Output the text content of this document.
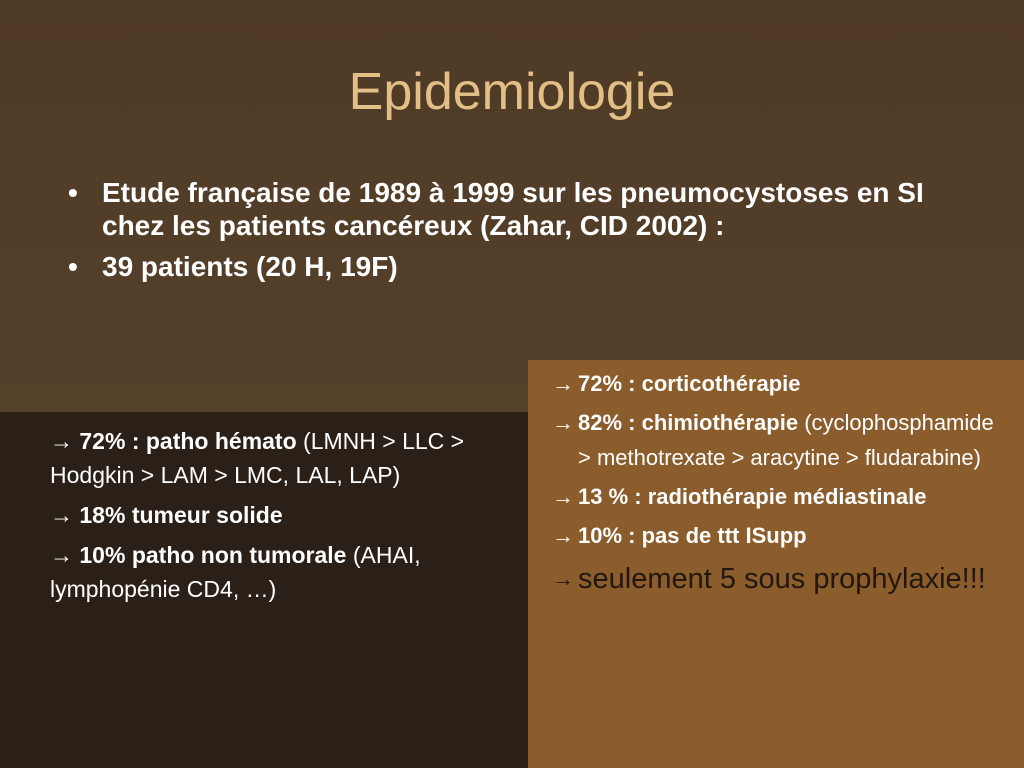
Epidemiologie
• Etude française de 1989 à 1999 sur les pneumocystoses en SI chez les patients cancéreux (Zahar, CID 2002) :
• 39 patients (20 H, 19F)

→ 72% : patho hémato (LMNH > LLC > Hodgkin > LAM > LMC, LAL, LAP)

→ 18% tumeur solide

→ 10% patho non tumorale (AHAI, lymphopénie CD4, …)

→ 72% : corticothérapie
→ 82% : chimiothérapie (cyclophosphamide > methotrexate > aracytine > fludarabine)
→ 13 % : radiothérapie médiastinale
→ 10% : pas de ttt ISupp
→ seulement 5 sous prophylaxie!!!
